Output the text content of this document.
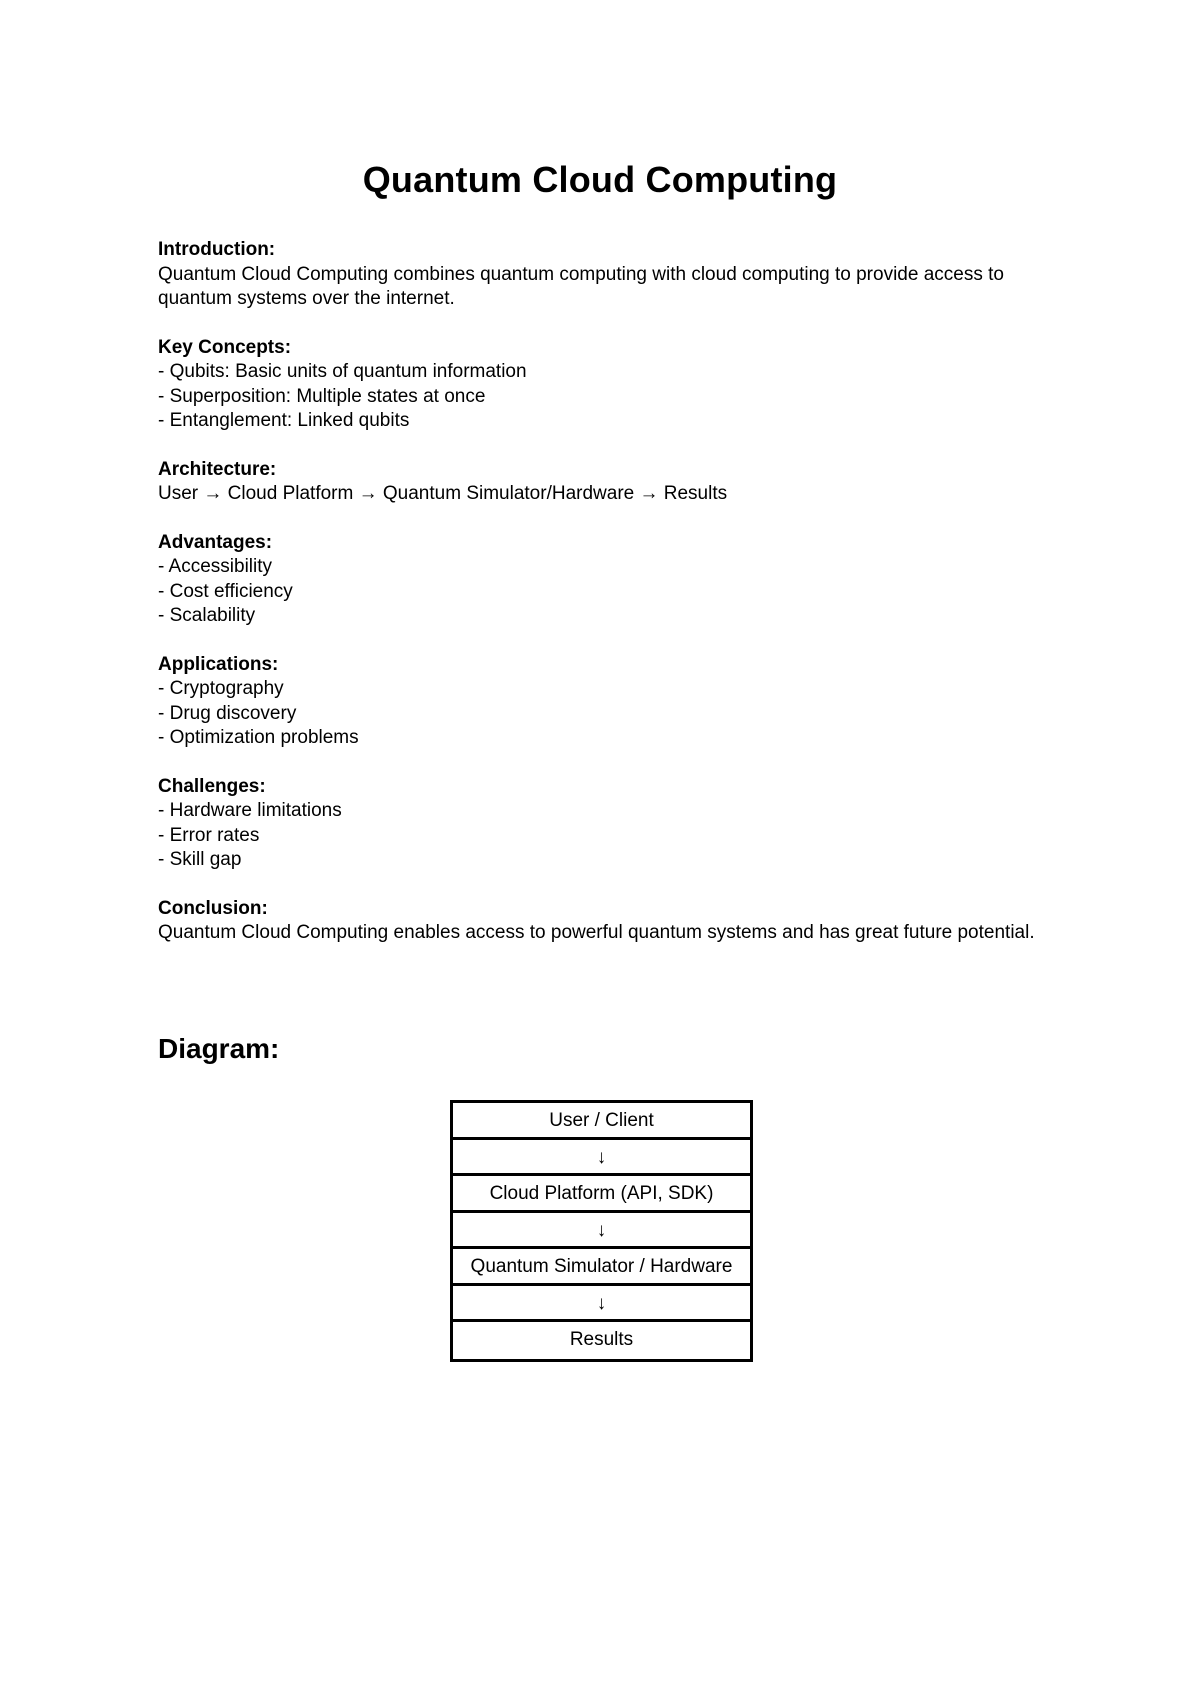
Quantum Cloud Computing
Introduction:
Quantum Cloud Computing combines quantum computing with cloud computing to provide access to quantum systems over the internet.
Key Concepts:
- Qubits: Basic units of quantum information
- Superposition: Multiple states at once
- Entanglement: Linked qubits
Architecture:
User → Cloud Platform → Quantum Simulator/Hardware → Results
Advantages:
- Accessibility
- Cost efficiency
- Scalability
Applications:
- Cryptography
- Drug discovery
- Optimization problems
Challenges:
- Hardware limitations
- Error rates
- Skill gap
Conclusion:
Quantum Cloud Computing enables access to powerful quantum systems and has great future potential.
Diagram:
User / Client
↓
Cloud Platform (API, SDK)
↓
Quantum Simulator / Hardware
↓
Results
